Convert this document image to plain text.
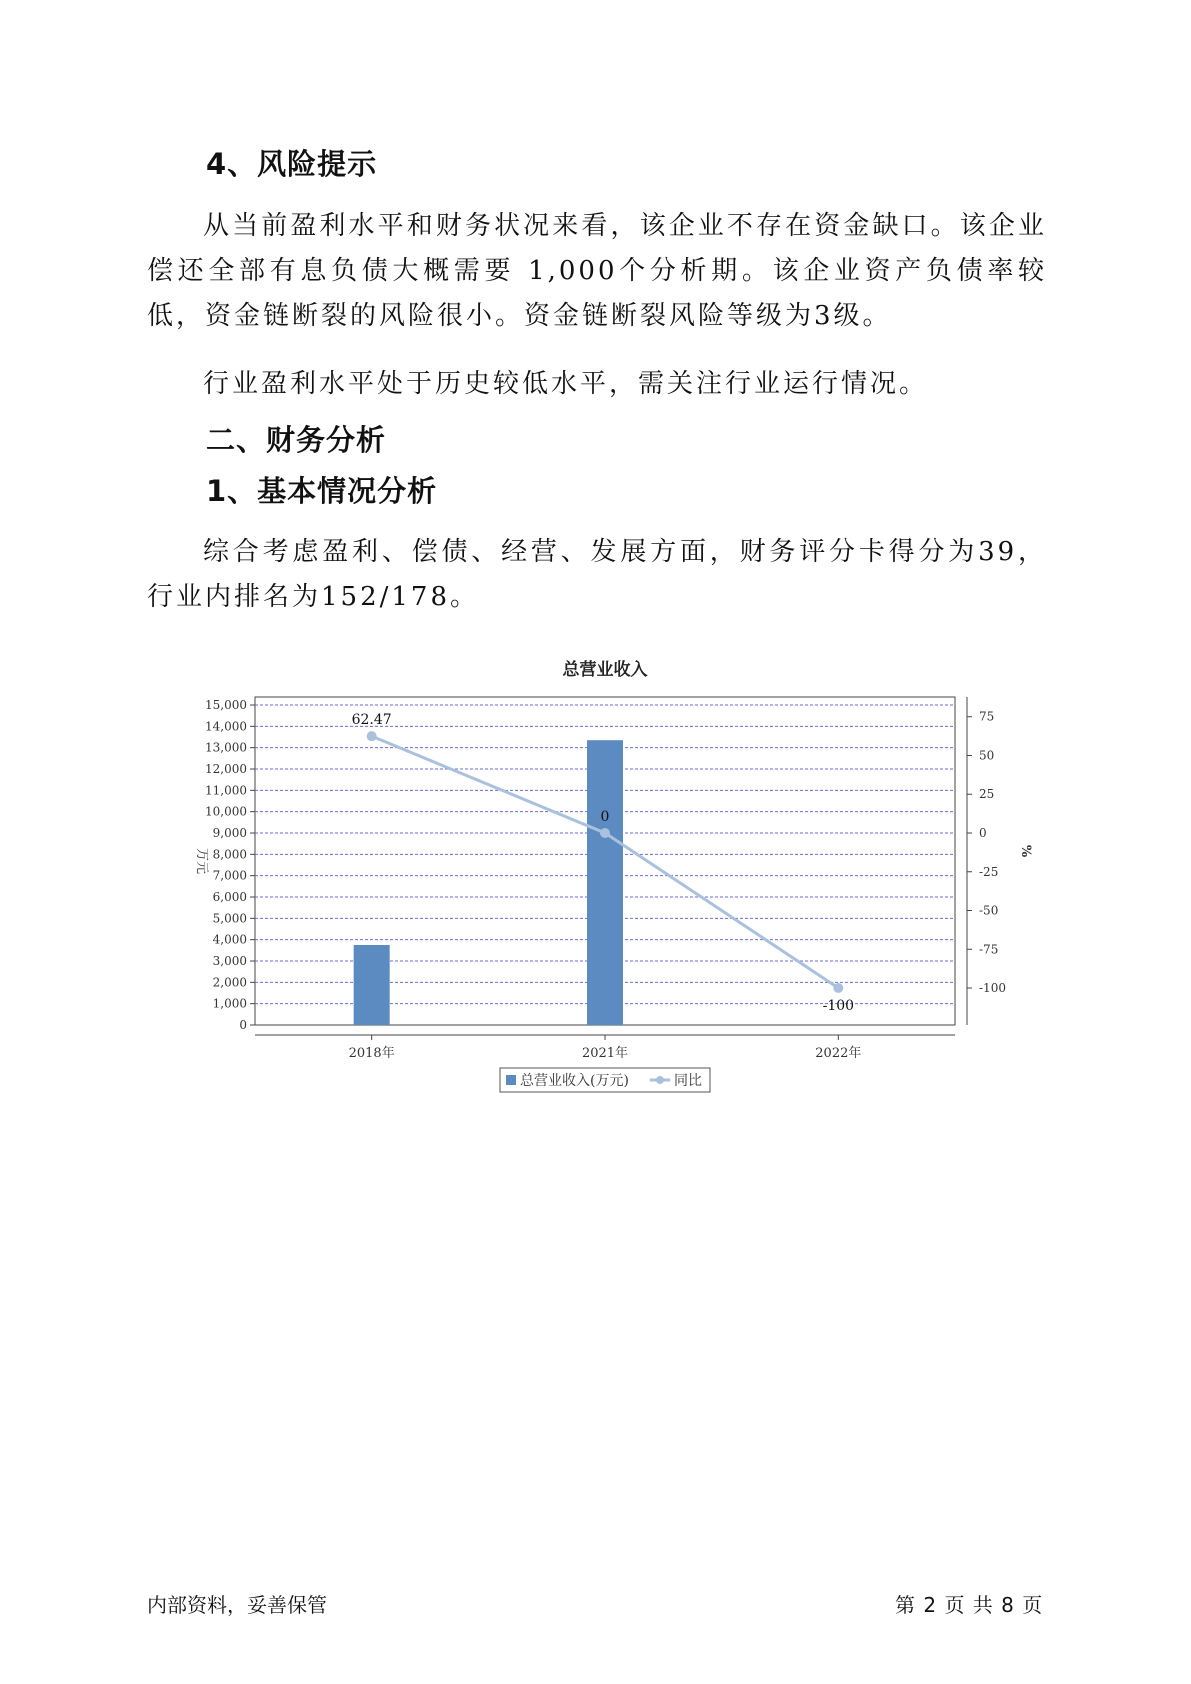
4、风险提示

从当前盈利水平和财务状况来看，该企业不存在资金缺口。该企业偿还全部有息负债大概需要 1,000个分析期。该企业资产负债率较低，资金链断裂的风险很小。资金链断裂风险等级为3级。

行业盈利水平处于历史较低水平，需关注行业运行情况。

二、财务分析
1、基本情况分析

综合考虑盈利、偿债、经营、发展方面，财务评分卡得分为39，行业内排名为152/178。

总营业收入
0
1,000
2,000
3,000
4,000
5,000
6,000
7,000
8,000
9,000
10,000
11,000
12,000
13,000
14,000
15,000
万元
75
50
25
0
-25
-50
-75
-100
%
2018年	2021年	2022年
62.47
0
-100
总营业收入(万元)	同比
内部资料，妥善保管	第 2 页 共 8 页
